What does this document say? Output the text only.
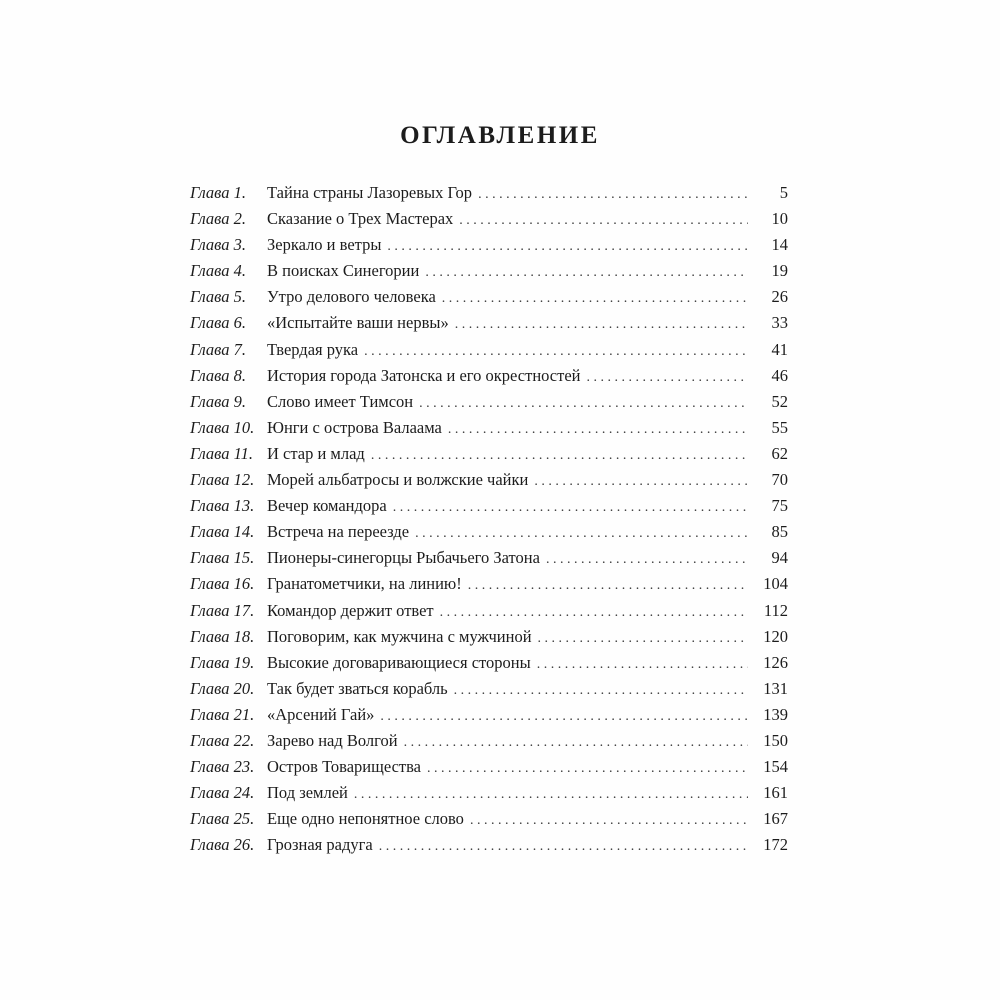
ОГЛАВЛЕНИЕ
Глава 1.	Тайна страны Лазоревых Гор . . .	5
Глава 2.	Сказание о Трех Мастерах . . .	10
Глава 3.	Зеркало и ветры . . .	14
Глава 4.	В поисках Синегории . . .	19
Глава 5.	Утро делового человека . . .	26
Глава 6.	«Испытайте ваши нервы» . . .	33
Глава 7.	Твердая рука . . .	41
Глава 8.	История города Затонска и его окрестностей . . .	46
Глава 9.	Слово имеет Тимсон . . .	52
Глава 10. Юнги с острова Валаама . . .	55
Глава 11. И стар и млад . . .	62
Глава 12. Морей альбатросы и волжские чайки . . .	70
Глава 13. Вечер командора . . .	75
Глава 14. Встреча на переезде . . .	85
Глава 15. Пионеры-синегорцы Рыбачьего Затона . . .	94
Глава 16. Гранатометчики, на линию! . . .	104
Глава 17. Командор держит ответ . . .	112
Глава 18. Поговорим, как мужчина с мужчиной . . .	120
Глава 19. Высокие договаривающиеся стороны . . .	126
Глава 20. Так будет зваться корабль . . .	131
Глава 21. «Арсений Гай» . . .	139
Глава 22. Зарево над Волгой . . .	150
Глава 23. Остров Товарищества . . .	154
Глава 24. Под землей . . .	161
Глава 25. Еще одно непонятное слово . . .	167
Глава 26. Грозная радуга . . .	172
